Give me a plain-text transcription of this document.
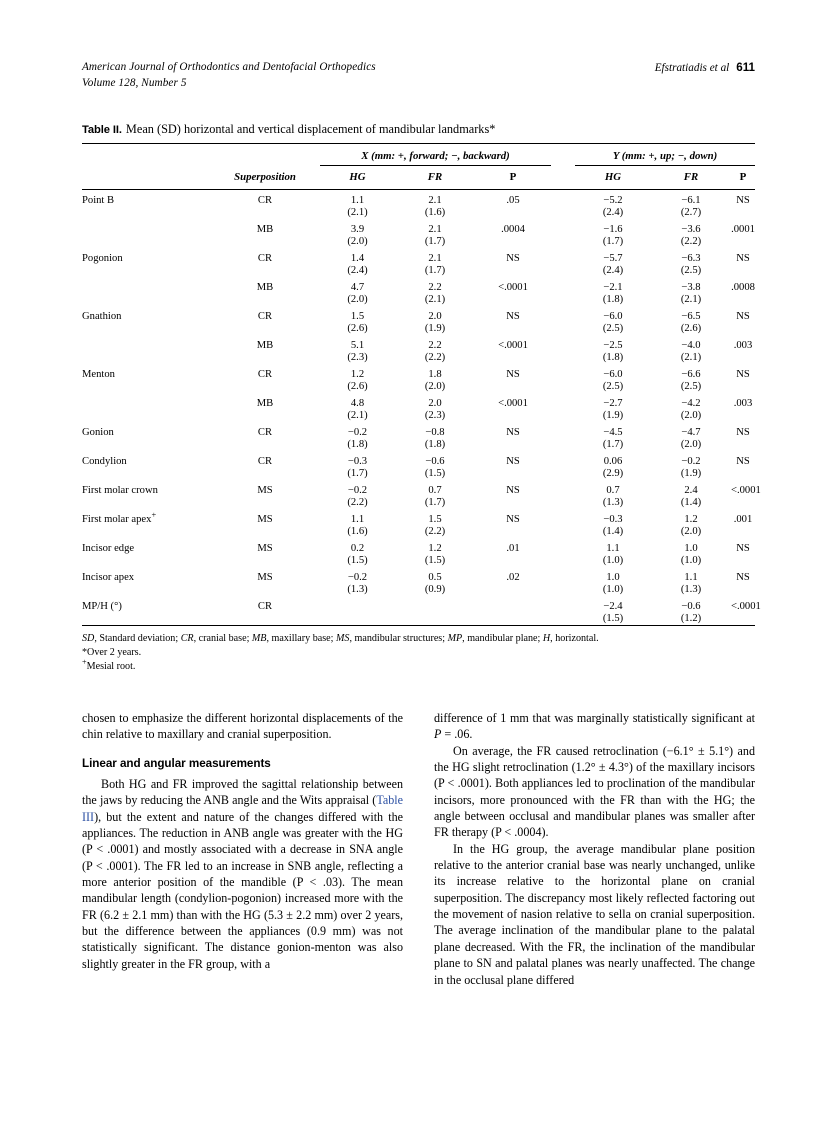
American Journal of Orthodontics and Dentofacial Orthopedics
Volume 128, Number 5
Efstratiadis et al 611
Table II. Mean (SD) horizontal and vertical displacement of mandibular landmarks*

		X (mm: +, forward; −, backward)				Y (mm: +, up; −, down)		
	Superposition	HG	FR	P		HG	FR	P

Point B	CR	1.1	2.1	.05		−5.2	−6.1	NS
		(2.1)	(1.6)			(2.4)	(2.7)	
	MB	3.9	2.1	.0004		−1.6	−3.6	.0001
		(2.0)	(1.7)			(1.7)	(2.2)	
Pogonion	CR	1.4	2.1	NS		−5.7	−6.3	NS
		(2.4)	(1.7)			(2.4)	(2.5)	
	MB	4.7	2.2	<.0001		−2.1	−3.8	.0008
		(2.0)	(2.1)			(1.8)	(2.1)	
Gnathion	CR	1.5	2.0	NS		−6.0	−6.5	NS
		(2.6)	(1.9)			(2.5)	(2.6)	
	MB	5.1	2.2	<.0001		−2.5	−4.0	.003
		(2.3)	(2.2)			(1.8)	(2.1)	
Menton	CR	1.2	1.8	NS		−6.0	−6.6	NS
		(2.6)	(2.0)			(2.5)	(2.5)	
	MB	4.8	2.0	<.0001		−2.7	−4.2	.003
		(2.1)	(2.3)			(1.9)	(2.0)	
Gonion	CR	−0.2	−0.8	NS		−4.5	−4.7	NS
		(1.8)	(1.8)			(1.7)	(2.0)	
Condylion	CR	−0.3	−0.6	NS		0.06	−0.2	NS
		(1.7)	(1.5)			(2.9)	(1.9)	
First molar crown	MS	−0.2	0.7	NS		0.7	2.4	<.0001
		(2.2)	(1.7)			(1.3)	(1.4)	
First molar apex+	MS	1.1	1.5	NS		−0.3	1.2	.001
		(1.6)	(2.2)			(1.4)	(2.0)	
Incisor edge	MS	0.2	1.2	.01		1.1	1.0	NS
		(1.5)	(1.5)			(1.0)	(1.0)	
Incisor apex	MS	−0.2	0.5	.02		1.0	1.1	NS
		(1.3)	(0.9)			(1.0)	(1.3)	
MP/H (°)	CR					−2.4	−0.6	<.0001
						(1.5)	(1.2)	

SD, Standard deviation; CR, cranial base; MB, maxillary base; MS, mandibular structures; MP, mandibular plane; H, horizontal.
*Over 2 years.
+Mesial root.

chosen to emphasize the different horizontal displacements of the chin relative to maxillary and cranial superposition.

Linear and angular measurements

Both HG and FR improved the sagittal relationship between the jaws by reducing the ANB angle and the Wits appraisal (Table III), but the extent and nature of the changes differed with the appliances. The reduction in ANB angle was greater with the HG (P < .0001) and mostly associated with a decrease in SNA angle (P < .0001). The FR led to an increase in SNB angle, reflecting a more anterior position of the mandible (P < .03). The mean mandibular length (condylion-pogonion) increased more with the FR (6.2 ± 2.1 mm) than with the HG (5.3 ± 2.2 mm) over 2 years, but the difference between the appliances (0.9 mm) was not statistically significant. The distance gonion-menton was also slightly greater in the FR group, with a

difference of 1 mm that was marginally statistically significant at P = .06.

On average, the FR caused retroclination (−6.1° ± 5.1°) and the HG slight retroclination (1.2° ± 4.3°) of the maxillary incisors (P < .0001). Both appliances led to proclination of the mandibular incisors, more pronounced with the FR than with the HG; the angle between occlusal and mandibular planes was smaller after FR therapy (P < .0004).

In the HG group, the average mandibular plane position relative to the anterior cranial base was nearly unchanged, unlike its increase relative to the horizontal plane on cranial superposition. The discrepancy most likely reflected factoring out the movement of nasion relative to sella on cranial superposition. The average inclination of the mandibular plane to the palatal plane decreased. With the FR, the inclination of the mandibular plane to SN and palatal planes was nearly unaffected. The change in the occlusal plane differed
